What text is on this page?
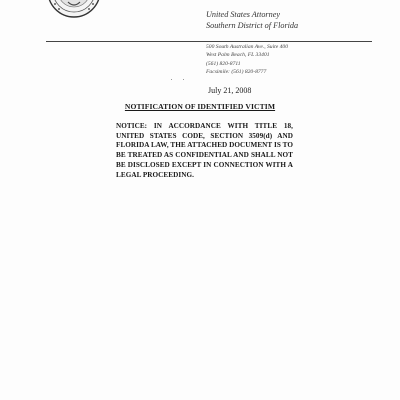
United States Attorney
Southern District of Florida
500 South Australian Ave., Suite 400
West Palm Beach, FL 33401
(561) 820-8711
Facsimile: (561) 820-8777
July 21, 2008
NOTIFICATION OF IDENTIFIED VICTIM
NOTICE: IN ACCORDANCE WITH TITLE 18, UNITED STATES CODE, SECTION 3509(d) AND FLORIDA LAW, THE ATTACHED DOCUMENT IS TO BE TREATED AS CONFIDENTIAL AND SHALL NOT BE DISCLOSED EXCEPT IN CONNECTION WITH A LEGAL PROCEEDING.
